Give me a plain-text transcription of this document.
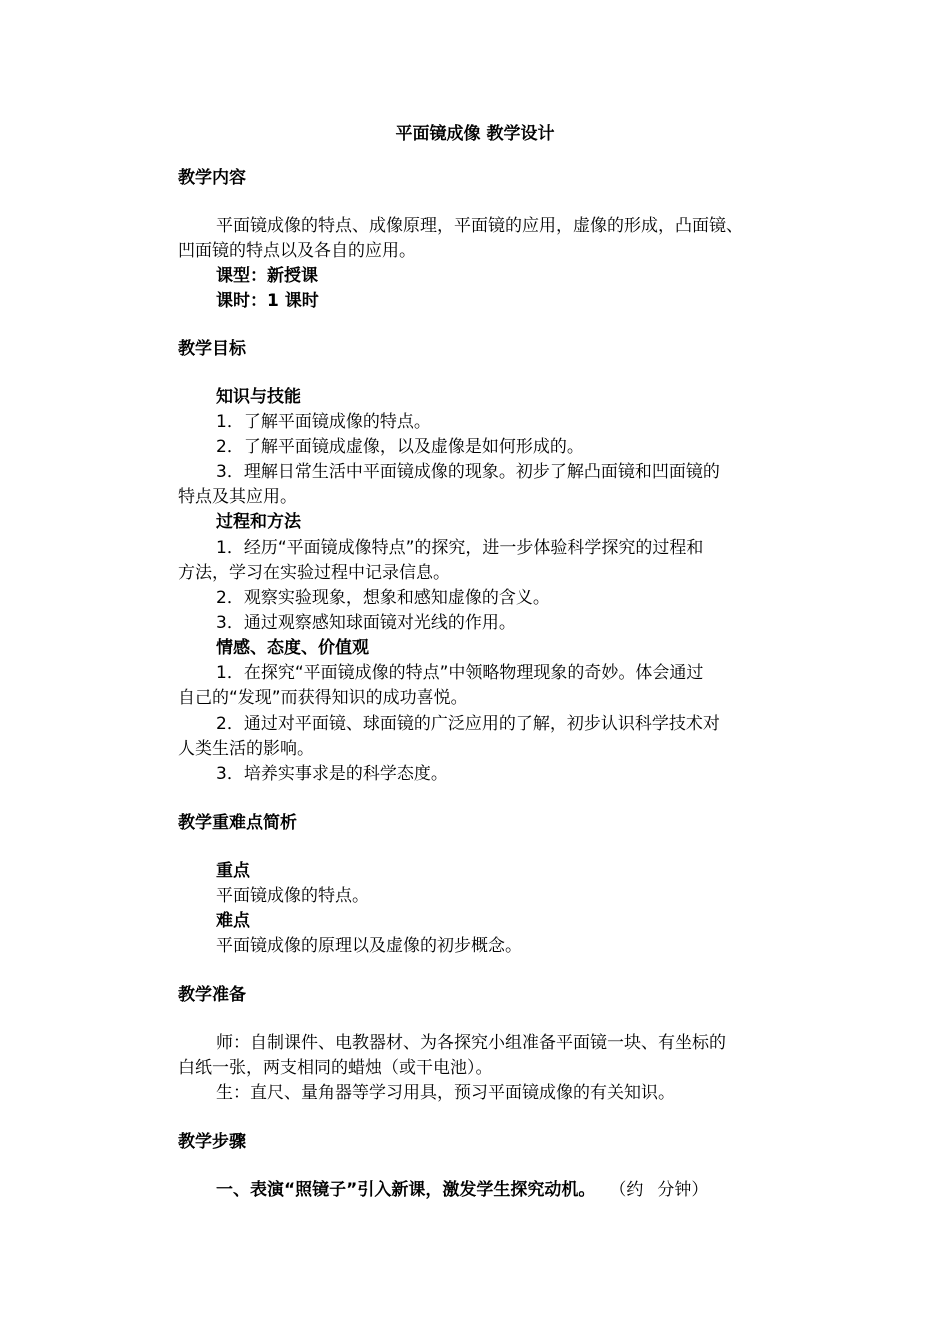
平面镜成像 教学设计
教学内容
平面镜成像的特点、成像原理，平面镜的应用，虚像的形成，凸面镜、
凹面镜的特点以及各自的应用。
课型：新授课
课时：1 课时
教学目标
知识与技能
1．了解平面镜成像的特点。
2．了解平面镜成虚像，以及虚像是如何形成的。
3．理解日常生活中平面镜成像的现象。初步了解凸面镜和凹面镜的
特点及其应用。
过程和方法
1．经历“平面镜成像特点”的探究，进一步体验科学探究的过程和
方法，学习在实验过程中记录信息。
2．观察实验现象，想象和感知虚像的含义。
3．通过观察感知球面镜对光线的作用。
情感、态度、价值观
1．在探究“平面镜成像的特点”中领略物理现象的奇妙。体会通过
自己的“发现”而获得知识的成功喜悦。
2．通过对平面镜、球面镜的广泛应用的了解，初步认识科学技术对
人类生活的影响。
3．培养实事求是的科学态度。
教学重难点简析
重点
平面镜成像的特点。
难点
平面镜成像的原理以及虚像的初步概念。
教学准备
师：自制课件、电教器材、为各探究小组准备平面镜一块、有坐标的
白纸一张，两支相同的蜡烛（或干电池）。
生：直尺、量角器等学习用具，预习平面镜成像的有关知识。
教学步骤
一、表演“照镜子”引入新课，激发学生探究动机。 （约 分钟）
